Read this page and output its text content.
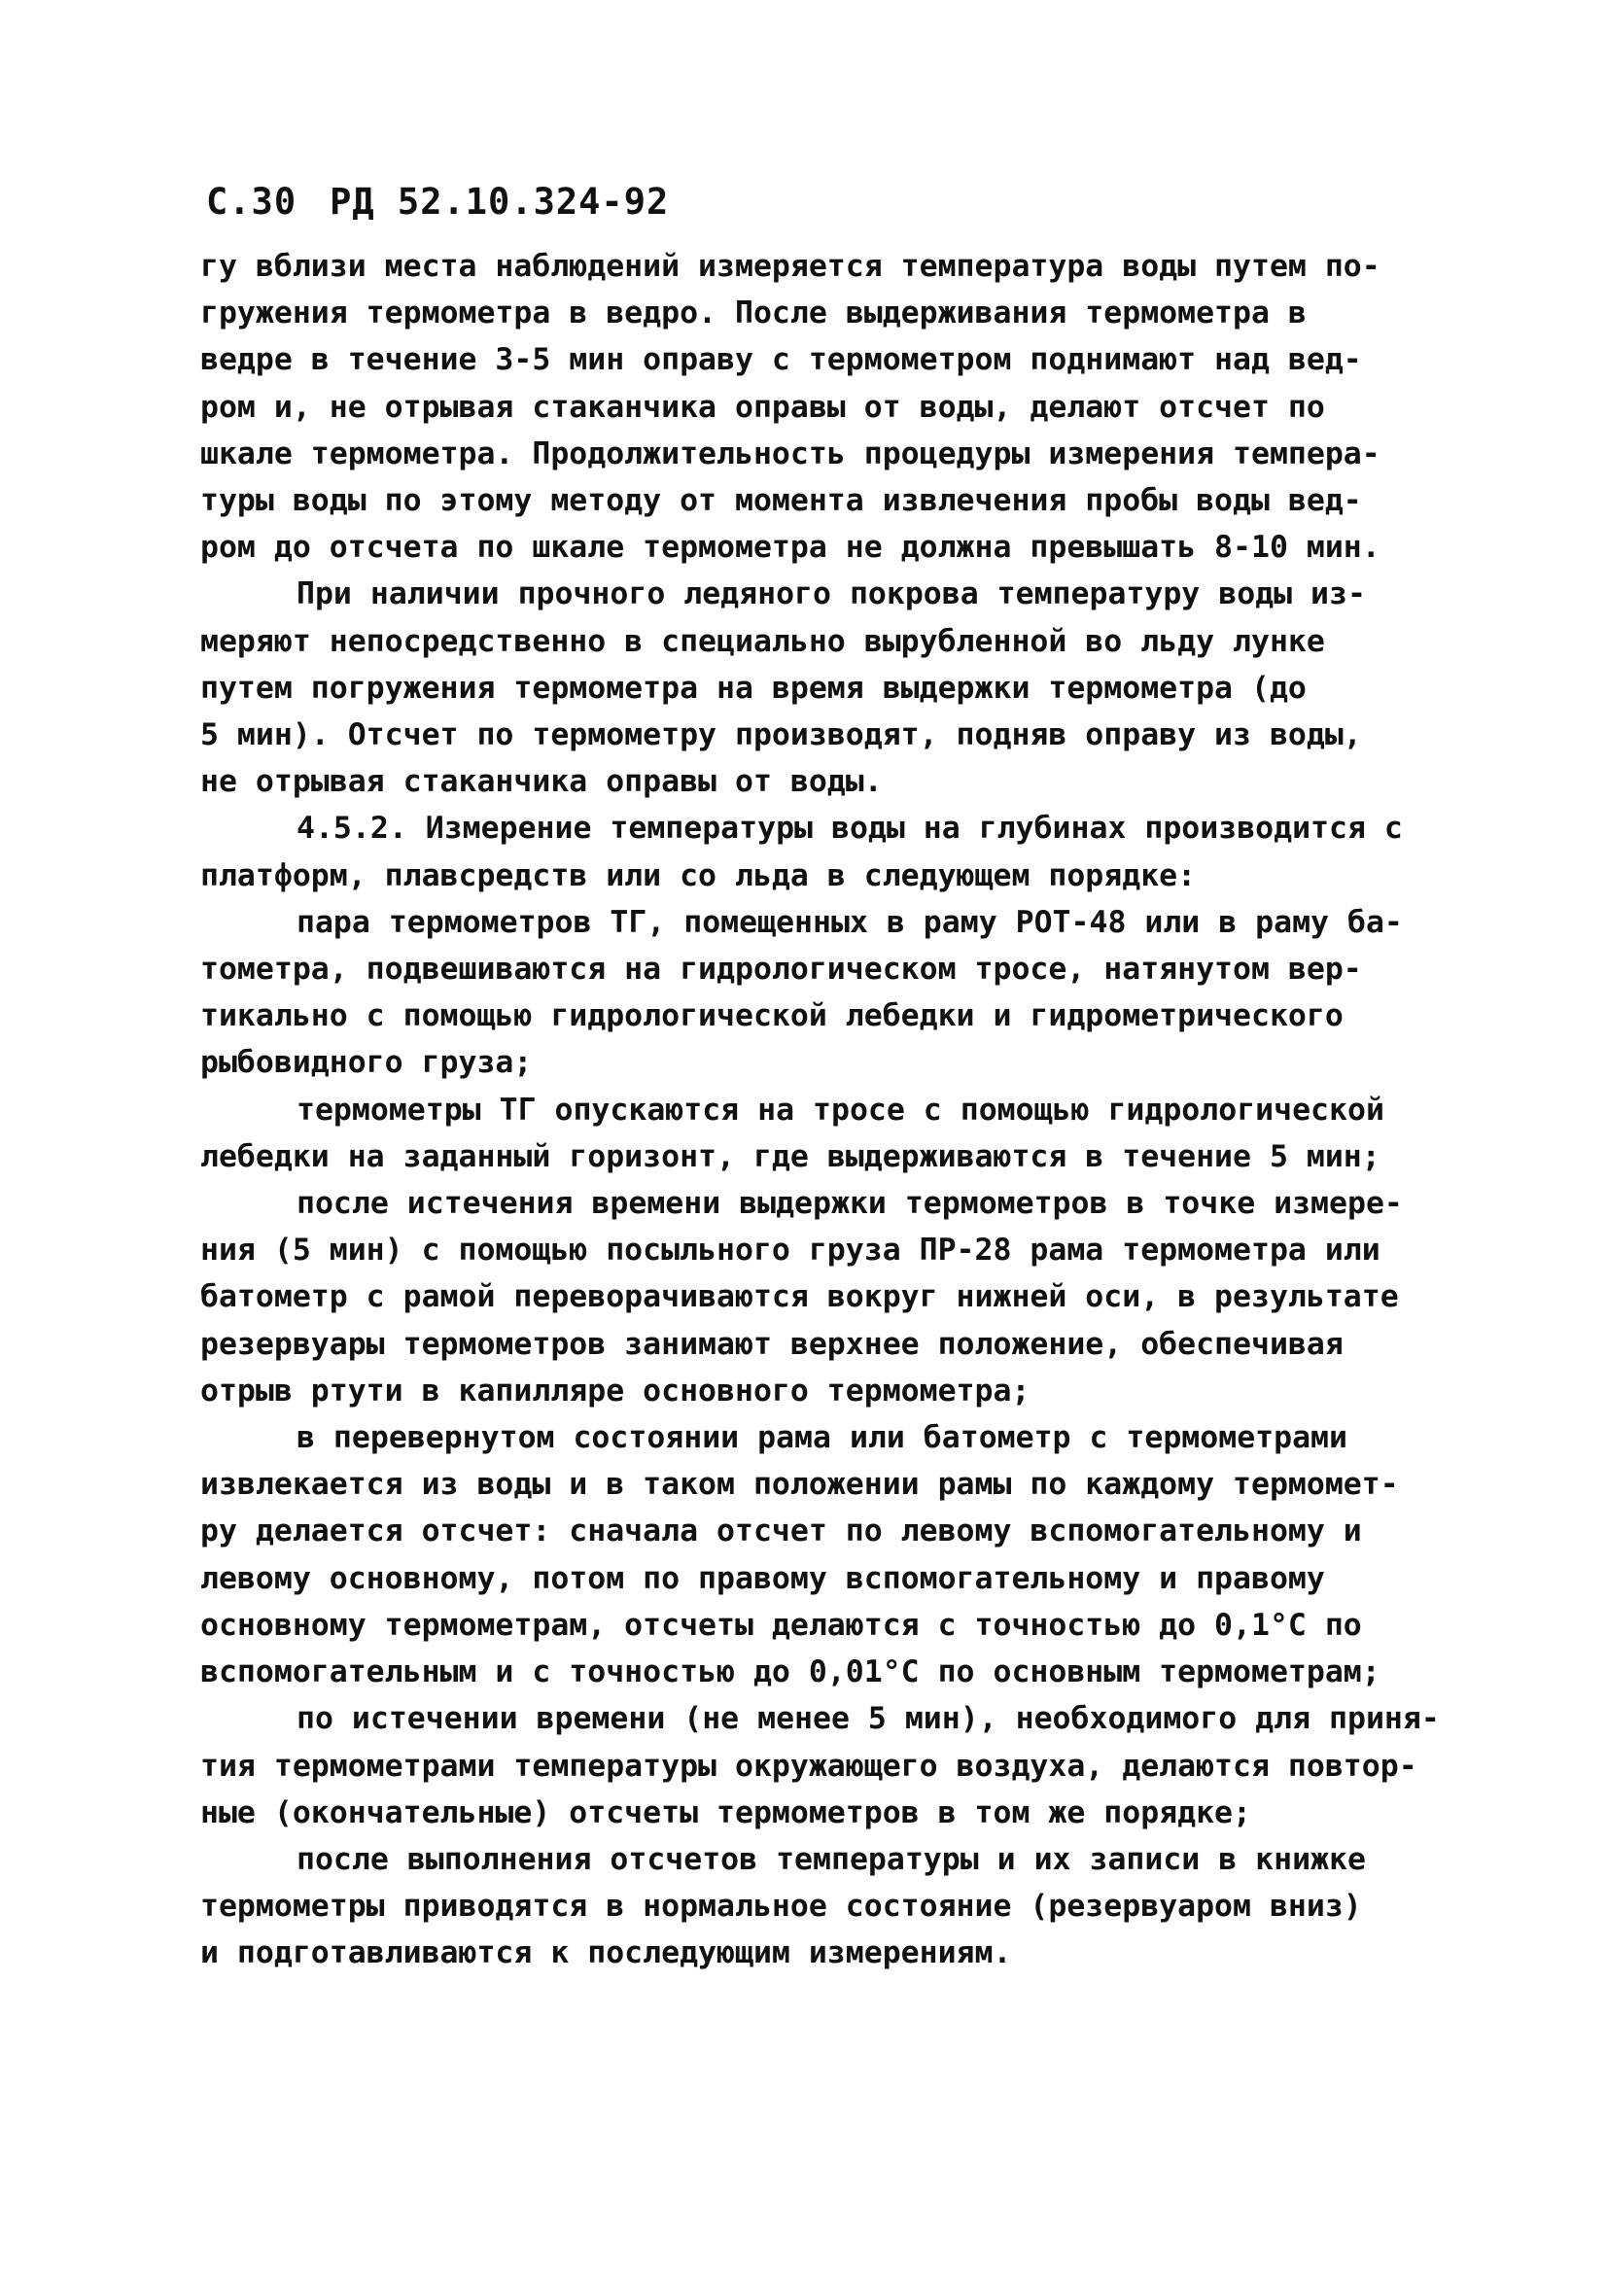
С.30 РД 52.10.324-92
гу вблизи места наблюдений измеряется температура воды путем по-
гружения термометра в ведро. После выдерживания термометра в
ведре в течение 3-5 мин оправу с термометром поднимают над вед-
ром и, не отрывая стаканчика оправы от воды, делают отсчет по
шкале термометра. Продолжительность процедуры измерения темпера-
туры воды по этому методу от момента извлечения пробы воды вед-
ром до отсчета по шкале термометра не должна превышать 8-10 мин.
При наличии прочного ледяного покрова температуру воды из-
меряют непосредственно в специально вырубленной во льду лунке
путем погружения термометра на время выдержки термометра (до
5 мин). Отсчет по термометру производят, подняв оправу из воды,
не отрывая стаканчика оправы от воды.
4.5.2. Измерение температуры воды на глубинах производится с
платформ, плавсредств или со льда в следующем порядке:
пара термометров ТГ, помещенных в раму РОТ-48 или в раму ба-
тометра, подвешиваются на гидрологическом тросе, натянутом вер-
тикально с помощью гидрологической лебедки и гидрометрического
рыбовидного груза;
термометры ТГ опускаются на тросе с помощью гидрологической
лебедки на заданный горизонт, где выдерживаются в течение 5 мин;
после истечения времени выдержки термометров в точке измере-
ния (5 мин) с помощью посыльного груза ПР-28 рама термометра или
батометр с рамой переворачиваются вокруг нижней оси, в результате
резервуары термометров занимают верхнее положение, обеспечивая
отрыв ртути в капилляре основного термометра;
в перевернутом состоянии рама или батометр с термометрами
извлекается из воды и в таком положении рамы по каждому термомет-
ру делается отсчет: сначала отсчет по левому вспомогательному и
левому основному, потом по правому вспомогательному и правому
основному термометрам, отсчеты делаются с точностью до 0,1°С по
вспомогательным и с точностью до 0,01°С по основным термометрам;
по истечении времени (не менее 5 мин), необходимого для приня-
тия термометрами температуры окружающего воздуха, делаются повтор-
ные (окончательные) отсчеты термометров в том же порядке;
после выполнения отсчетов температуры и их записи в книжке
термометры приводятся в нормальное состояние (резервуаром вниз)
и подготавливаются к последующим измерениям.
